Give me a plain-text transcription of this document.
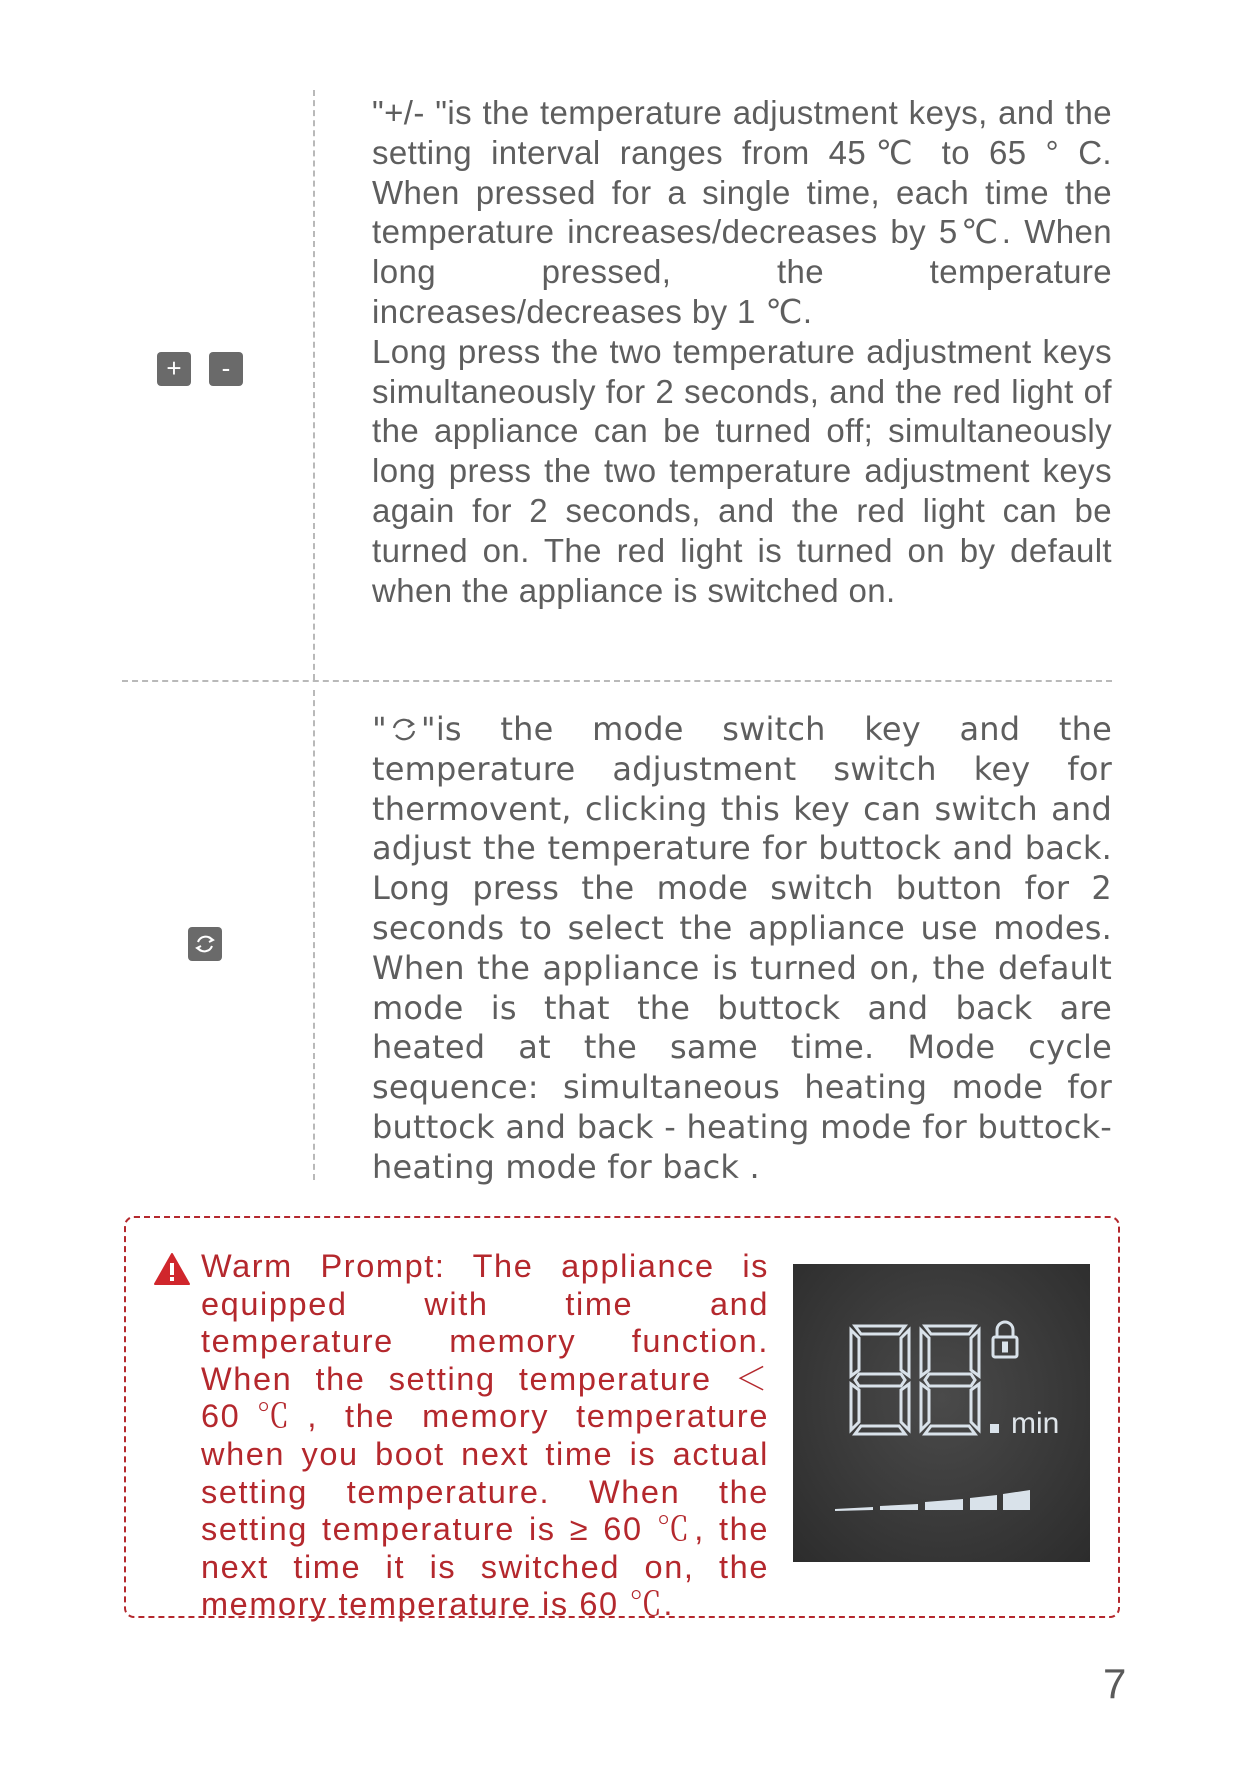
+	-

"+/- "is the temperature adjustment keys, and the setting interval ranges from 45℃ to 65 ° C. When pressed for a single time, each time the temperature increases/decreases by 5℃. When long pressed, the temperature increases/decreases by 1 ℃.

Long press the two temperature adjustment keys simultaneously for 2 seconds, and the red light of the appliance can be turned off; simultaneously long press the two temperature adjustment keys again for 2 seconds, and the red light can be turned on. The red light is turned on by default when the appliance is switched on.

" "is the mode switch key and the temperature adjustment switch key for thermovent, clicking this key can switch and adjust the temperature for buttock and back. Long press the mode switch button for 2 seconds to select the appliance use modes. When the appliance is turned on, the default mode is that the buttock and back are heated at the same time. Mode cycle sequence: simultaneous heating mode for buttock and back - heating mode for buttock-heating mode for back .

Warm Prompt: The appliance is equipped with time and temperature memory function. When the setting temperature ＜60℃, the memory temperature when you boot next time is actual setting temperature. When the setting temperature is ≥ 60 ℃, the next time it is switched on, the memory temperature is 60 ℃.
min
7
